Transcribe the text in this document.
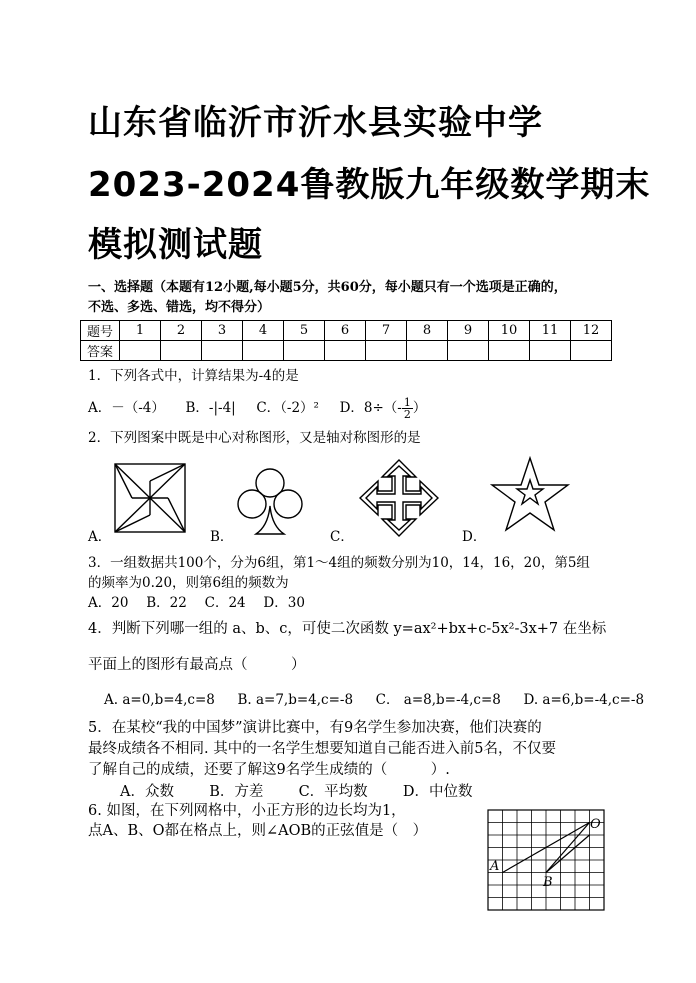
山东省临沂市沂水县实验中学
2023-2024鲁教版九年级数学期末
模拟测试题
一、选择题（本题有12小题,每小题5分，共60分，每小题只有一个选项是正确的，
不选、多选、错选，均不得分）
题号	1	2	3	4	5	6	7	8	9	10	11	12
答案												
1．下列各式中，计算结果为-4的是
A．－（-4） B．-|-4| C．（-2）² D．$8\div(- \frac{1}{2}$ ）
2．下列图案中既是中心对称图形，又是轴对称图形的是
A．	B．	C．	D．
3．一组数据共100个，分为6组，第1～4组的频数分别为10，14，16，20，第5组
的频率为0.20，则第6组的频数为
A．20　 B．22　 C．24　 D．30
4．判断下列哪一组的 a、b、c，可使二次函数 y=ax²+bx+c-5x²-3x+7 在坐标
平面上的图形有最高点（　　　）
A. a=0,b=4,c=8 B. a=7,b=4,c=-8 C． a=8,b=-4,c=8 D. a=6,b=-4,c=-8
5．在某校“我的中国梦”演讲比赛中，有9名学生参加决赛，他们决赛的
最终成绩各不相同. 其中的一名学生想要知道自己能否进入前5名，不仅要
了解自己的成绩，还要了解这9名学生成绩的（　　　）.
A．众数 B．方差 C．平均数 D．中位数
6. 如图，在下列网格中，小正方形的边长均为1，
点A、B、O都在格点上，则∠AOB的正弦值是（　）	O
A
B
